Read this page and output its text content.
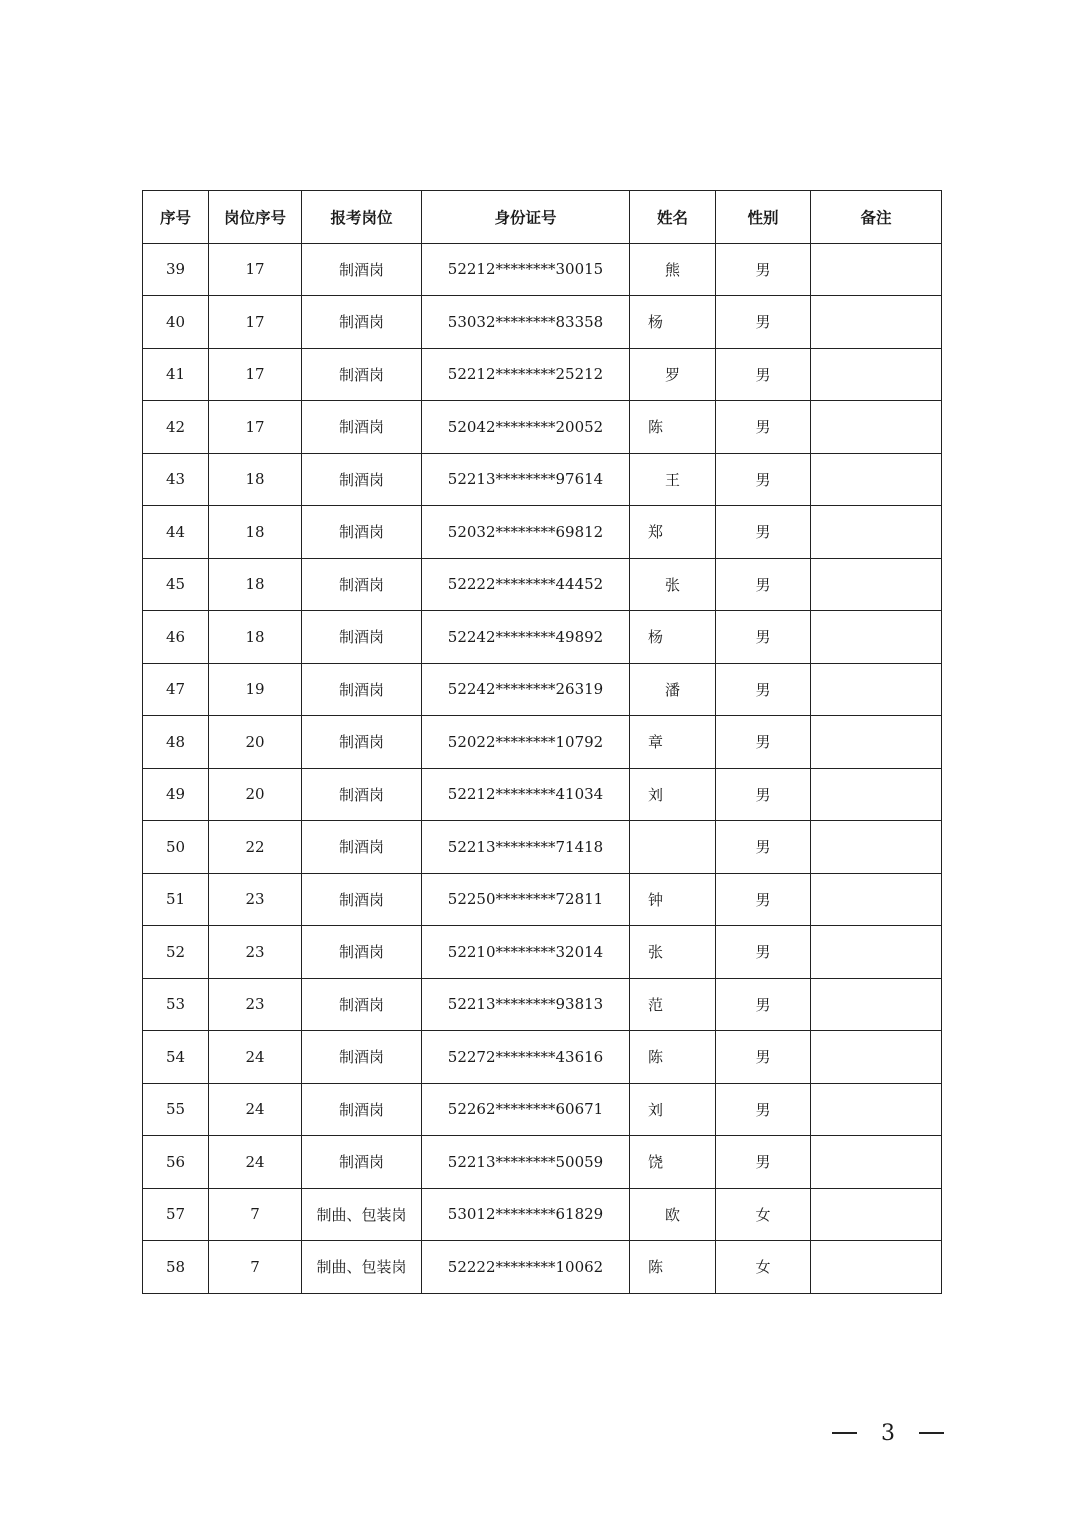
序号	岗位序号	报考岗位	身份证号	姓名	性别	备注
39	17	制酒岗	52212********30015	熊	男	
40	17	制酒岗	53032********83358	杨	男	
41	17	制酒岗	52212********25212	罗	男	
42	17	制酒岗	52042********20052	陈	男	
43	18	制酒岗	52213********97614	王	男	
44	18	制酒岗	52032********69812	郑	男	
45	18	制酒岗	52222********44452	张	男	
46	18	制酒岗	52242********49892	杨	男	
47	19	制酒岗	52242********26319	潘	男	
48	20	制酒岗	52022********10792	章	男	
49	20	制酒岗	52212********41034	刘	男	
50	22	制酒岗	52213********71418		男	
51	23	制酒岗	52250********72811	钟	男	
52	23	制酒岗	52210********32014	张	男	
53	23	制酒岗	52213********93813	范	男	
54	24	制酒岗	52272********43616	陈	男	
55	24	制酒岗	52262********60671	刘	男	
56	24	制酒岗	52213********50059	饶	男	
57	7	制曲、包装岗	53012********61829	欧	女	
58	7	制曲、包装岗	52222********10062	陈	女	
3
